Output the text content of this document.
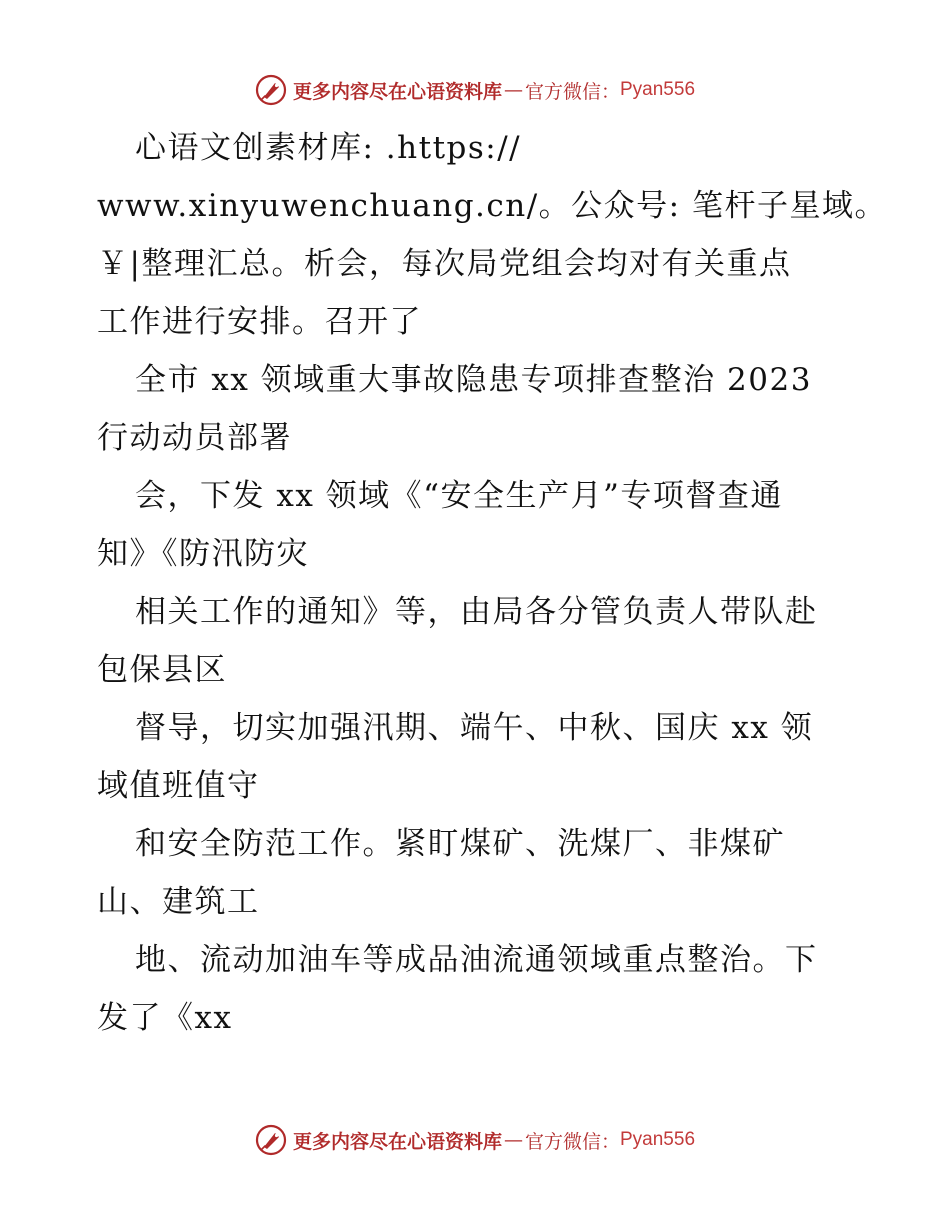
更多内容尽在心语资料库 — 官方微信： Pyan556
心语文创素材库: .https://
www.xinyuwenchuang.cn/。公众号: 笔杆子星域。
￥|整理汇总。析会，每次局党组会均对有关重点
工作进行安排。召开了
全市 xx 领域重大事故隐患专项排查整治 2023
行动动员部署
会，下发 xx 领域《“安全生产月”专项督查通
知》《防汛防灾
相关工作的通知》等，由局各分管负责人带队赴
包保县区
督导，切实加强汛期、端午、中秋、国庆 xx 领
域值班值守
和安全防范工作。紧盯煤矿、洗煤厂、非煤矿
山、建筑工
地、流动加油车等成品油流通领域重点整治。下
发了《xx
更多内容尽在心语资料库 — 官方微信： Pyan556
